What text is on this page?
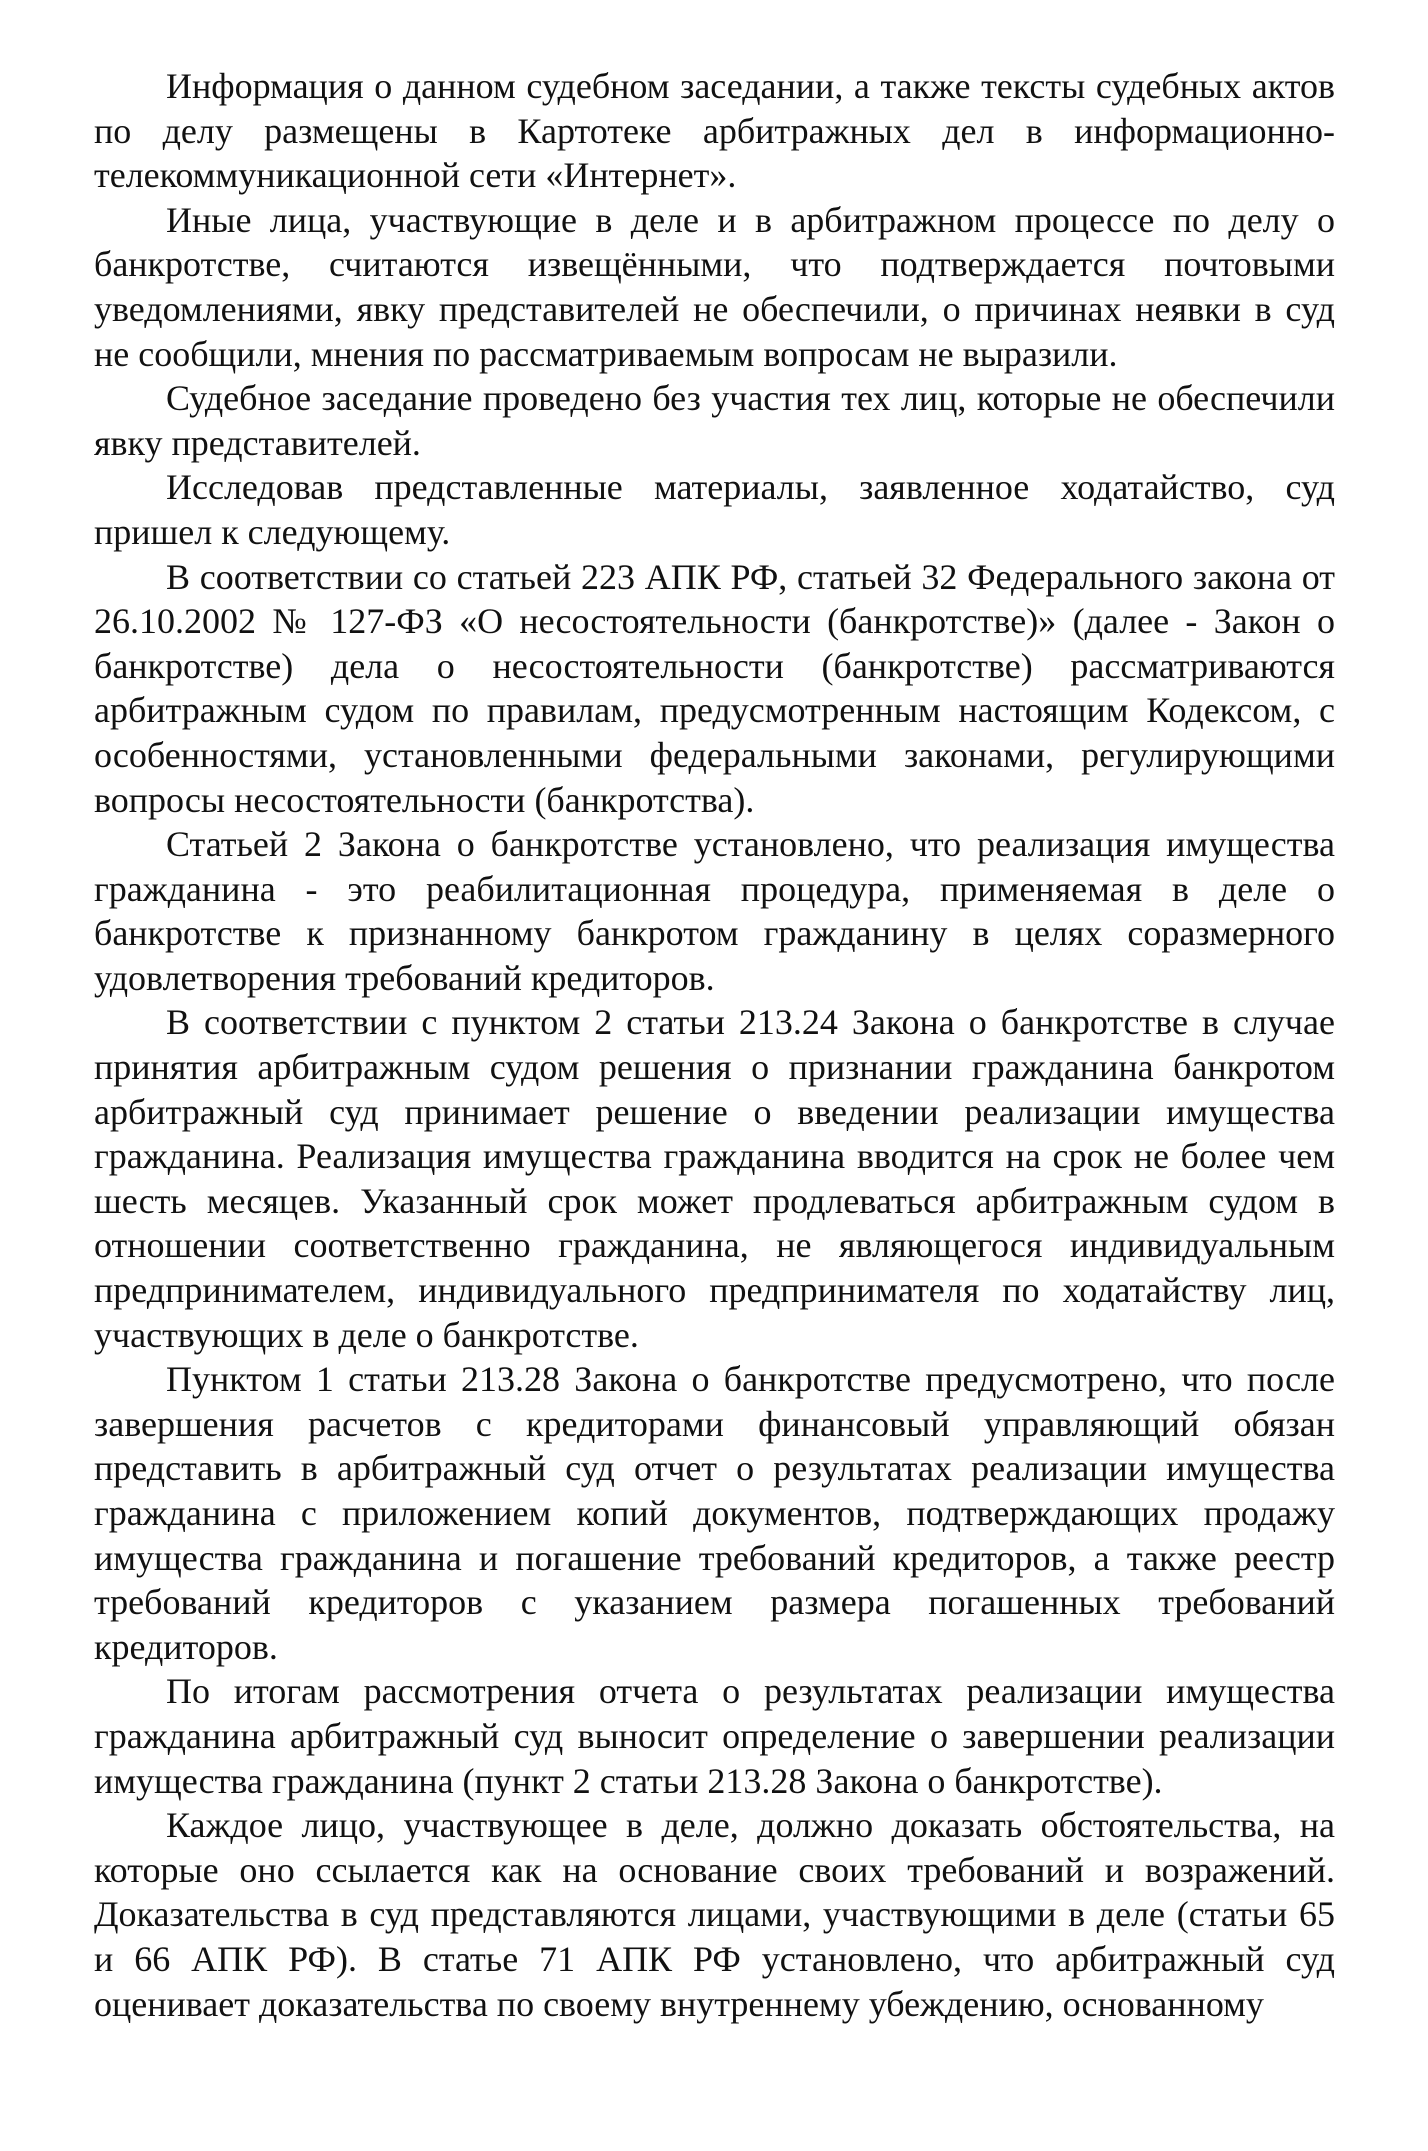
Информация о данном судебном заседании, а также тексты судебных актов по делу размещены в Картотеке арбитражных дел в информационно-телекоммуникационной сети «Интернет».

Иные лица, участвующие в деле и в арбитражном процессе по делу о банкротстве, считаются извещёнными, что подтверждается почтовыми уведомлениями, явку представителей не обеспечили, о причинах неявки в суд не сообщили, мнения по рассматриваемым вопросам не выразили.

Судебное заседание проведено без участия тех лиц, которые не обеспечили явку представителей.

Исследовав представленные материалы, заявленное ходатайство, суд пришел к следующему.

В соответствии со статьей 223 АПК РФ, статьей 32 Федерального закона от 26.10.2002 № 127-ФЗ «О несостоятельности (банкротстве)» (далее - Закон о банкротстве) дела о несостоятельности (банкротстве) рассматриваются арбитражным судом по правилам, предусмотренным настоящим Кодексом, с особенностями, установленными федеральными законами, регулирующими вопросы несостоятельности (банкротства).

Статьей 2 Закона о банкротстве установлено, что реализация имущества гражданина - это реабилитационная процедура, применяемая в деле о банкротстве к признанному банкротом гражданину в целях соразмерного удовлетворения требований кредиторов.

В соответствии с пунктом 2 статьи 213.24 Закона о банкротстве в случае принятия арбитражным судом решения о признании гражданина банкротом арбитражный суд принимает решение о введении реализации имущества гражданина. Реализация имущества гражданина вводится на срок не более чем шесть месяцев. Указанный срок может продлеваться арбитражным судом в отношении соответственно гражданина, не являющегося индивидуальным предпринимателем, индивидуального предпринимателя по ходатайству лиц, участвующих в деле о банкротстве.

Пунктом 1 статьи 213.28 Закона о банкротстве предусмотрено, что после завершения расчетов с кредиторами финансовый управляющий обязан представить в арбитражный суд отчет о результатах реализации имущества гражданина с приложением копий документов, подтверждающих продажу имущества гражданина и погашение требований кредиторов, а также реестр требований кредиторов с указанием размера погашенных требований кредиторов.

По итогам рассмотрения отчета о результатах реализации имущества гражданина арбитражный суд выносит определение о завершении реализации имущества гражданина (пункт 2 статьи 213.28 Закона о банкротстве).

Каждое лицо, участвующее в деле, должно доказать обстоятельства, на которые оно ссылается как на основание своих требований и возражений. Доказательства в суд представляются лицами, участвующими в деле (статьи 65 и 66 АПК РФ). В статье 71 АПК РФ установлено, что арбитражный суд оценивает доказательства по своему внутреннему убеждению, основанному
